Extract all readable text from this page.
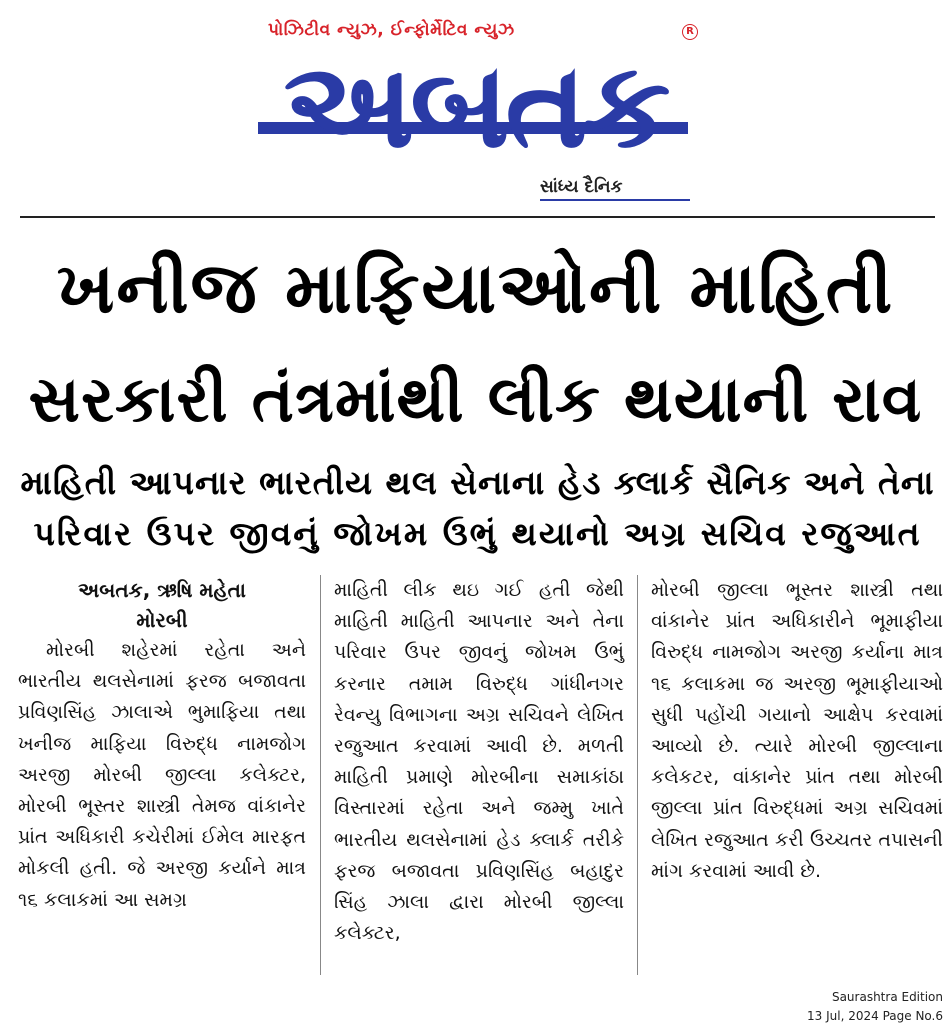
પોઝિટીવ ન્યુઝ, ઈન્ફોર્મેટિવ ન્યુઝ	R
અબતક
સાંધ્ય દૈનિક
ખનીજ માફિયાઓની માહિતી
સરકારી તંત્રમાંથી લીક થયાની રાવ
માહિતી આપનાર ભારતીય થલ સેનાના હેડ ક્લાર્ક સૈનિક અને તેના
પરિવાર ઉપર જીવનું જોખમ ઉભું થયાનો અગ્ર સચિવ રજુઆત
અબતક, ઋષિ મહેતા
મોરબી

મોરબી શહેરમાં રહેતા અને ભારતીય થલસેનામાં ફરજ બજાવતા પ્રવિણસિંહ ઝાલાએ ભુમાફિયા તથા ખનીજ માફિયા વિરુદ્ધ નામજોગ અરજી મોરબી જીલ્લા કલેક્ટર, મોરબી ભૂસ્તર શાસ્ત્રી તેમજ વાંકાનેર પ્રાંત અધિકારી કચેરીમાં ઈમેલ મારફત મોકલી હતી. જે અરજી કર્યાને માત્ર ૧૬ કલાકમાં આ સમગ્ર

માહિતી લીક થઇ ગઈ હતી જેથી માહિતી માહિતી આપનાર અને તેના પરિવાર ઉપર જીવનું જોખમ ઉભું કરનાર તમામ વિરુદ્ધ ગાંધીનગર રેવન્યુ વિભાગના અગ્ર સચિવને લેખિત રજુઆત કરવામાં આવી છે. મળતી માહિતી પ્રમાણે મોરબીના સમાકાંઠા વિસ્તારમાં રહેતા અને જમ્મુ ખાતે ભારતીય થલસેનામાં હેડ ક્લાર્ક તરીકે ફરજ બજાવતા પ્રવિણસિંહ બહાદુર સિંહ ઝાલા દ્વારા મોરબી જીલ્લા કલેક્ટર,

મોરબી જીલ્લા ભૂસ્તર શાસ્ત્રી તથા વાંકાનેર પ્રાંત અધિકારીને ભૂમાફીયા વિરુદ્ધ નામજોગ અરજી કર્યાના માત્ર ૧૬ કલાકમા જ અરજી ભૂમાફીયાઓ સુધી પહોંચી ગયાનો આક્ષેપ કરવામાં આવ્યો છે. ત્યારે મોરબી જીલ્લાના કલેકટર, વાંકાનેર પ્રાંત તથા મોરબી જીલ્લા પ્રાંત વિરુદ્ધમાં અગ્ર સચિવમાં લેખિત રજુઆત કરી ઉચ્ચતર તપાસની માંગ કરવામાં આવી છે.

Saurashtra Edition
13 Jul, 2024 Page No.6
